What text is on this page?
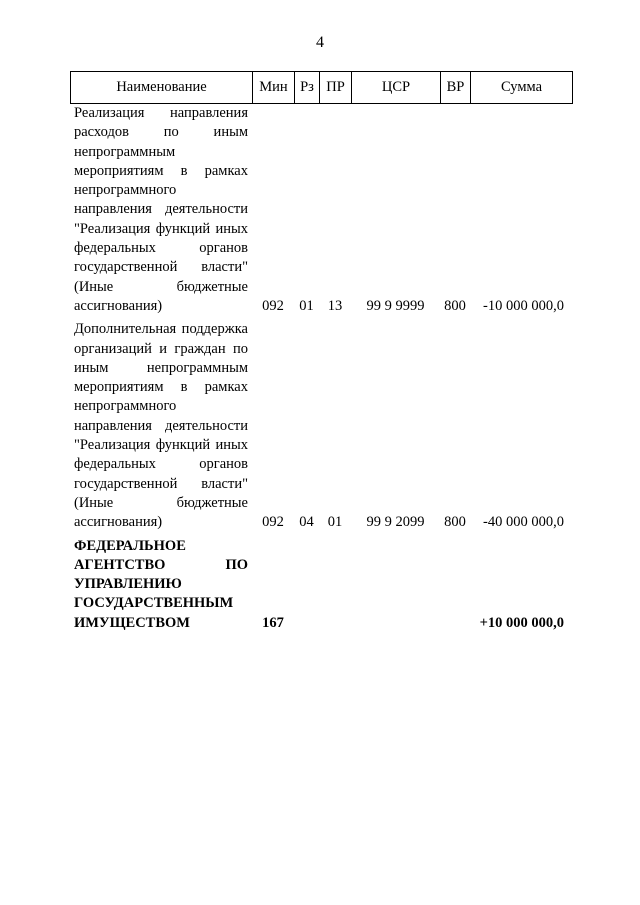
4
Наименование	Мин	Рз	ПР	ЦСР	ВР	Сумма
Реализация направления расходов по иным непрограммным мероприятиям в рамках непрограммного направления деятельности "Реализация функций иных федеральных органов государственной власти" (Иные бюджетные ассигнования)	092	01	13	99 9 9999	800	-10 000 000,0

Дополнительная поддержка организаций и граждан по иным непрограммным мероприятиям в рамках непрограммного направления деятельности "Реализация функций иных федеральных органов государственной власти" (Иные бюджетные ассигнования)	092	04	01	99 9 2099	800	-40 000 000,0

ФЕДЕРАЛЬНОЕ АГЕНТСТВО ПО УПРАВЛЕНИЮ ГОСУДАРСТВЕННЫМ ИМУЩЕСТВОМ	167					+10 000 000,0
